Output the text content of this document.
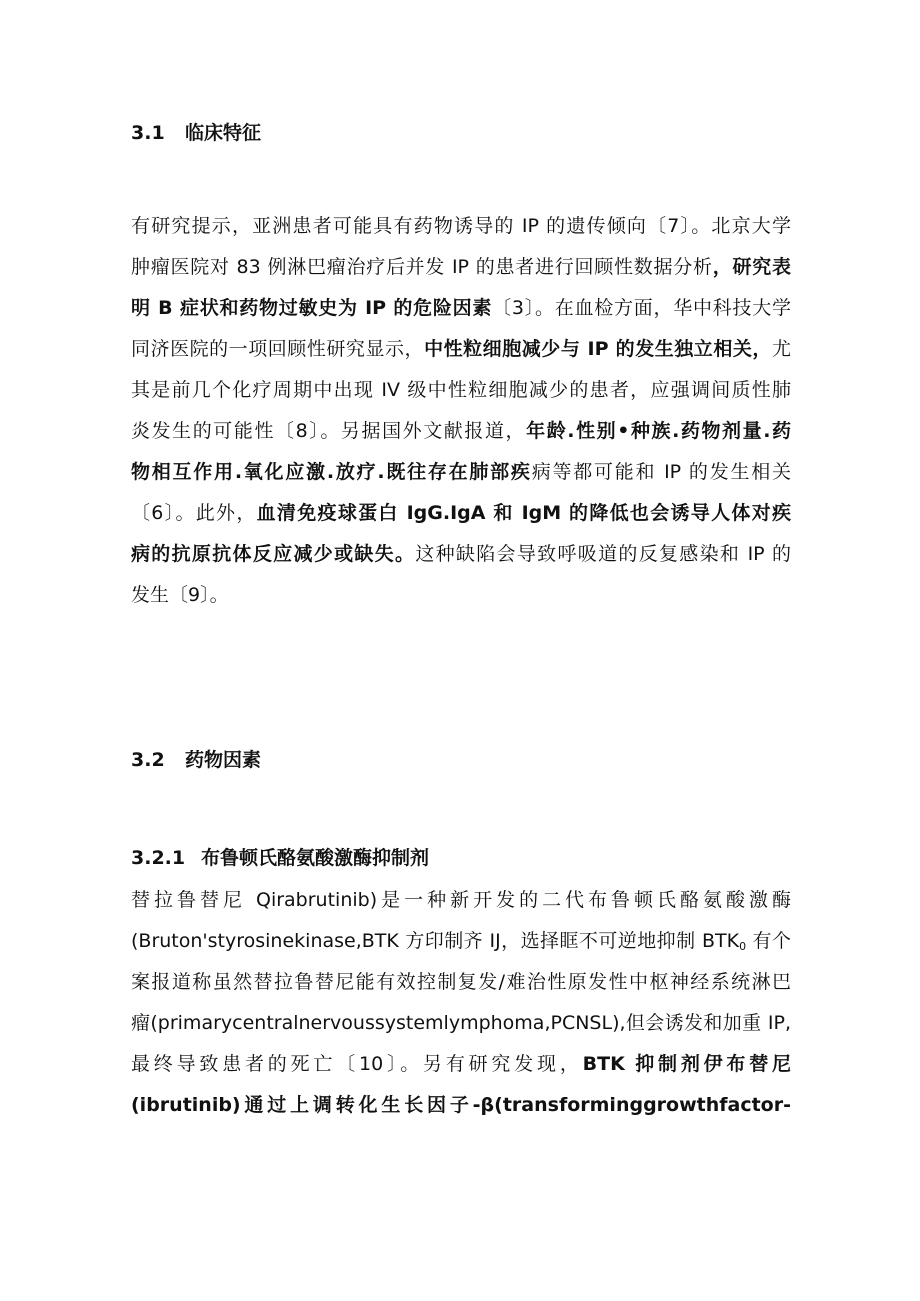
3.1 临床特征
有研究提示，亚洲患者可能具有药物诱导的 IP 的遗传倾向〔7〕。北京大学
肿瘤医院对 83 例淋巴瘤治疗后并发 IP 的患者进行回顾性数据分析，研究表
明 B 症状和药物过敏史为 IP 的危险因素〔3〕。在血检方面，华中科技大学
同济医院的一项回顾性研究显示，中性粒细胞减少与 IP 的发生独立相关，尤
其是前几个化疗周期中出现 IV 级中性粒细胞减少的患者，应强调间质性肺
炎发生的可能性〔8〕。另据国外文献报道，年龄.性别•种族.药物剂量.药
物相互作用.氧化应激.放疗.既往存在肺部疾病等都可能和 IP 的发生相关
〔6〕。此外，血清免疫球蛋白 IgG.IgA 和 IgM 的降低也会诱导人体对疾
病的抗原抗体反应减少或缺失。这种缺陷会导致呼吸道的反复感染和 IP 的
发生〔9〕。
3.2 药物因素
3.2.1 布鲁顿氏酪氨酸激酶抑制剂
替拉鲁替尼 Qirabrutinib)是一种新开发的二代布鲁顿氏酪氨酸激酶
(Bruton'styrosinekinase,BTK 方印制齐 IJ，选择眶不可逆地抑制 $BTK_0$ 有个
案报道称虽然替拉鲁替尼能有效控制复发/难治性原发性中枢神经系统淋巴
瘤(primarycentralnervoussystemlymphoma,PCNSL),但会诱发和加重 IP,
最终导致患者的死亡〔10〕。另有研究发现，BTK 抑制剂伊布替尼
(ibrutinib)通过上调转化生长因子-β(transforminggrowthfactor-
